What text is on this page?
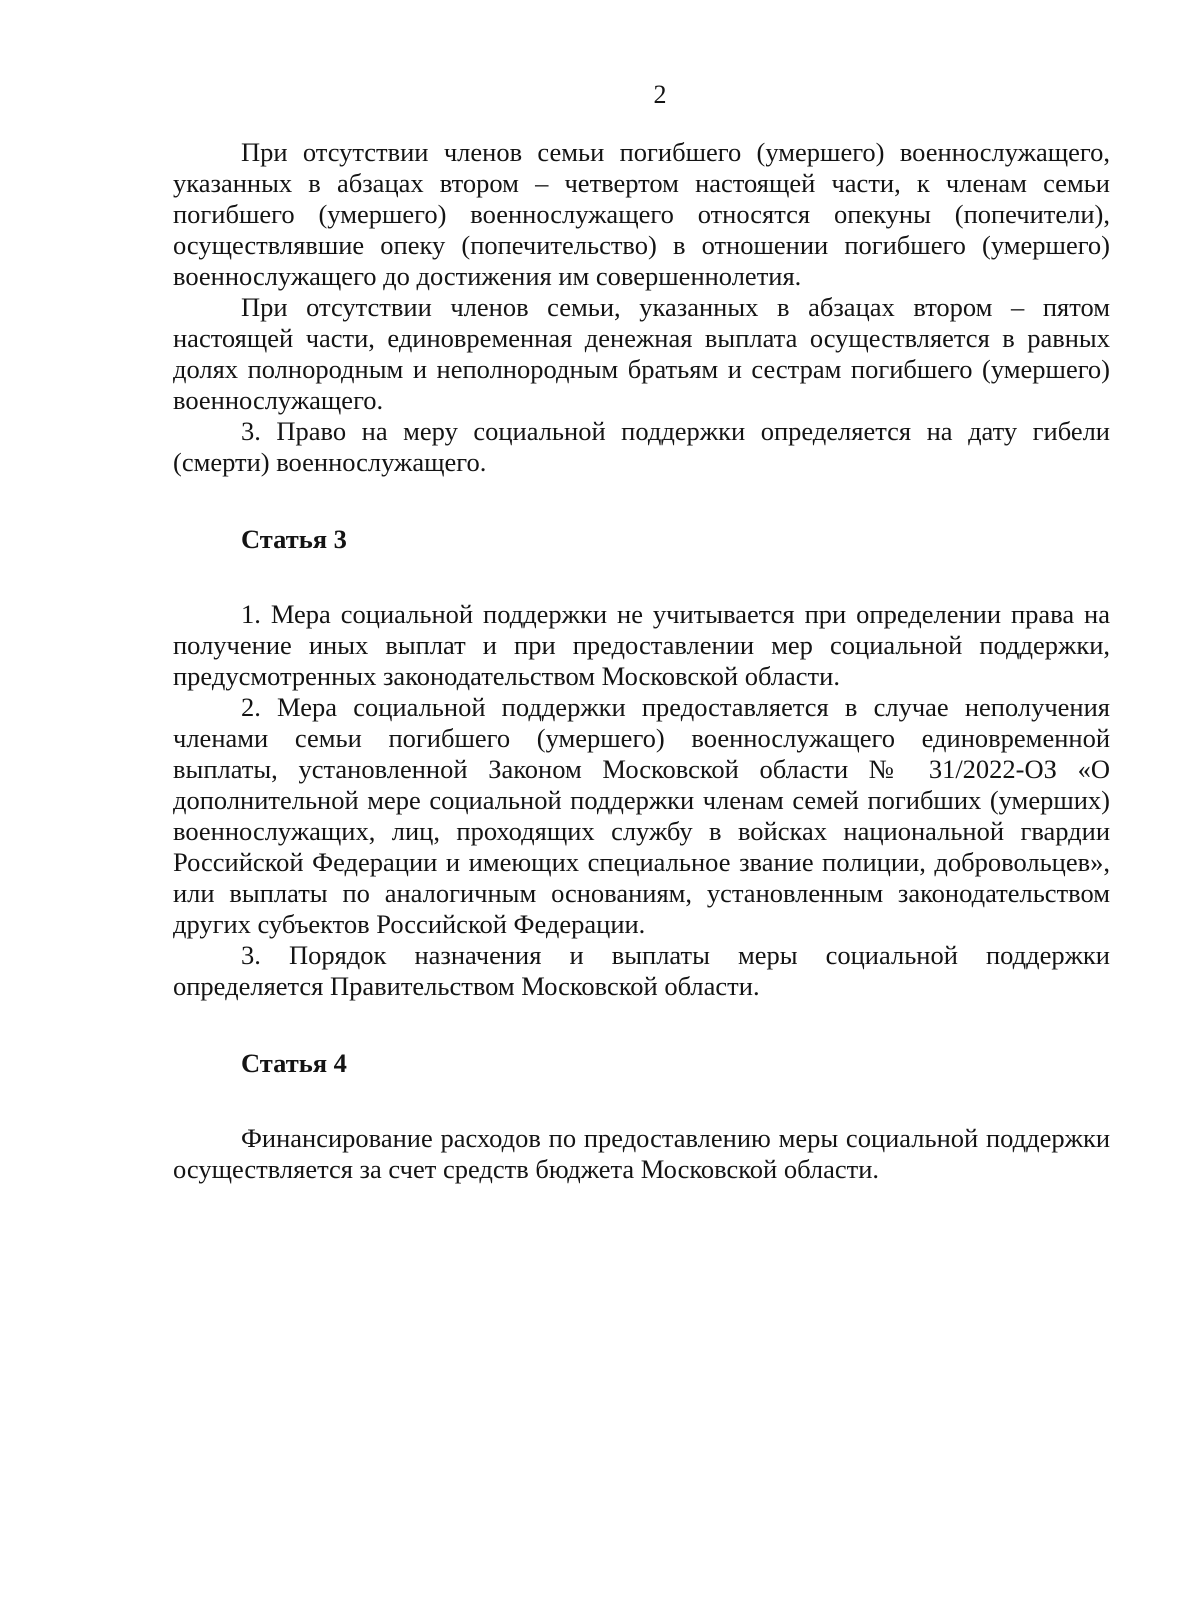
2

При отсутствии членов семьи погибшего (умершего) военнослужащего, указанных в абзацах втором – четвертом настоящей части, к членам семьи погибшего (умершего) военнослужащего относятся опекуны (попечители), осуществлявшие опеку (попечительство) в отношении погибшего (умершего) военнослужащего до достижения им совершеннолетия.

При отсутствии членов семьи, указанных в абзацах втором – пятом настоящей части, единовременная денежная выплата осуществляется в равных долях полнородным и неполнородным братьям и сестрам погибшего (умершего) военнослужащего.

3. Право на меру социальной поддержки определяется на дату гибели (смерти) военнослужащего.

Статья 3

1. Мера социальной поддержки не учитывается при определении права на получение иных выплат и при предоставлении мер социальной поддержки, предусмотренных законодательством Московской области.

2. Мера социальной поддержки предоставляется в случае неполучения членами семьи погибшего (умершего) военнослужащего единовременной выплаты, установленной Законом Московской области № 31/2022-ОЗ «О дополнительной мере социальной поддержки членам семей погибших (умерших) военнослужащих, лиц, проходящих службу в войсках национальной гвардии Российской Федерации и имеющих специальное звание полиции, добровольцев», или выплаты по аналогичным основаниям, установленным законодательством других субъектов Российской Федерации.

3. Порядок назначения и выплаты меры социальной поддержки определяется Правительством Московской области.

Статья 4

Финансирование расходов по предоставлению меры социальной поддержки осуществляется за счет средств бюджета Московской области.
